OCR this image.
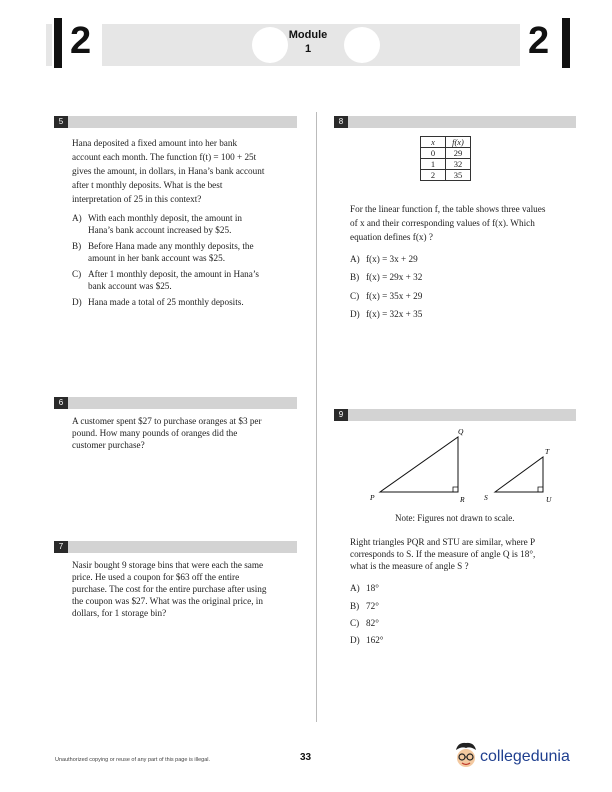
2	Module
1	2
5
Hana deposited a fixed amount into her bank
account each month. The function f(t) = 100 + 25t
gives the amount, in dollars, in Hana’s bank account
after t monthly deposits. What is the best
interpretation of 25 in this context?
A) With each monthly deposit, the amount in
Hana’s bank account increased by $25.
B) Before Hana made any monthly deposits, the
amount in her bank account was $25.
C) After 1 monthly deposit, the amount in Hana’s
bank account was $25.
D) Hana made a total of 25 monthly deposits.
6
A customer spent $27 to purchase oranges at $3 per
pound. How many pounds of oranges did the
customer purchase?
7
Nasir bought 9 storage bins that were each the same
price. He used a coupon for $63 off the entire
purchase. The cost for the entire purchase after using
the coupon was $27. What was the original price, in
dollars, for 1 storage bin?
8
x	f(x)
0	29
1	32
2	35
For the linear function f, the table shows three values
of x and their corresponding values of f(x). Which
equation defines f(x) ?
A) f(x) = 3x + 29
B) f(x) = 29x + 32
C) f(x) = 35x + 29
D) f(x) = 32x + 35
9
P
Q
R	S
T
U
Note: Figures not drawn to scale.
Right triangles PQR and STU are similar, where P
corresponds to S. If the measure of angle Q is 18°,
what is the measure of angle S ?
A) 18°
B) 72°
C) 82°
D) 162°
Unauthorized copying or reuse of any part of this page is illegal.	33	collegedunia
